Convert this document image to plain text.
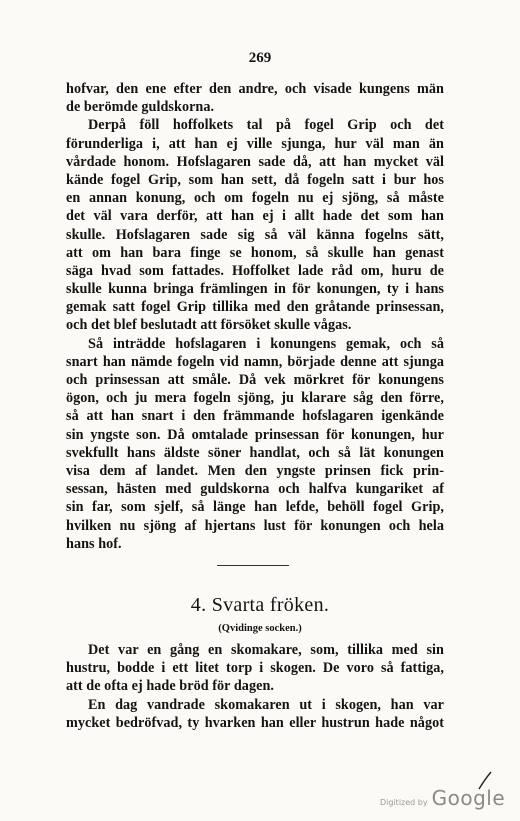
269
hofvar, den ene efter den andre, och visade kungens män
de berömde guldskorna.
Derpå föll hoffolkets tal på fogel Grip och det
förunderliga i, att han ej ville sjunga, hur väl man än
vårdade honom. Hofslagaren sade då, att han mycket väl
kände fogel Grip, som han sett, då fogeln satt i bur hos
en annan konung, och om fogeln nu ej sjöng, så måste
det väl vara derför, att han ej i allt hade det som han
skulle. Hofslagaren sade sig så väl känna fogelns sätt,
att om han bara finge se honom, så skulle han genast
säga hvad som fattades. Hoffolket lade råd om, huru de
skulle kunna bringa främlingen in för konungen, ty i hans
gemak satt fogel Grip tillika med den gråtande prinsessan,
och det blef beslutadt att försöket skulle vågas.
Så inträdde hofslagaren i konungens gemak, och så
snart han nämde fogeln vid namn, började denne att sjunga
och prinsessan att småle. Då vek mörkret för konungens
ögon, och ju mera fogeln sjöng, ju klarare såg den förre,
så att han snart i den främmande hofslagaren igenkände
sin yngste son. Då omtalade prinsessan för konungen, hur
svekfullt hans äldste söner handlat, och så lät konungen
visa dem af landet. Men den yngste prinsen fick prin-
sessan, hästen med guldskorna och halfva kungariket af
sin far, som sjelf, så länge han lefde, behöll fogel Grip,
hvilken nu sjöng af hjertans lust för konungen och hela
hans hof.
4. Svarta fröken.
(Qvidinge socken.)
Det var en gång en skomakare, som, tillika med sin
hustru, bodde i ett litet torp i skogen. De voro så fattiga,
att de ofta ej hade bröd för dagen.
En dag vandrade skomakaren ut i skogen, han var
mycket bedröfvad, ty hvarken han eller hustrun hade något
Digitized by Google
